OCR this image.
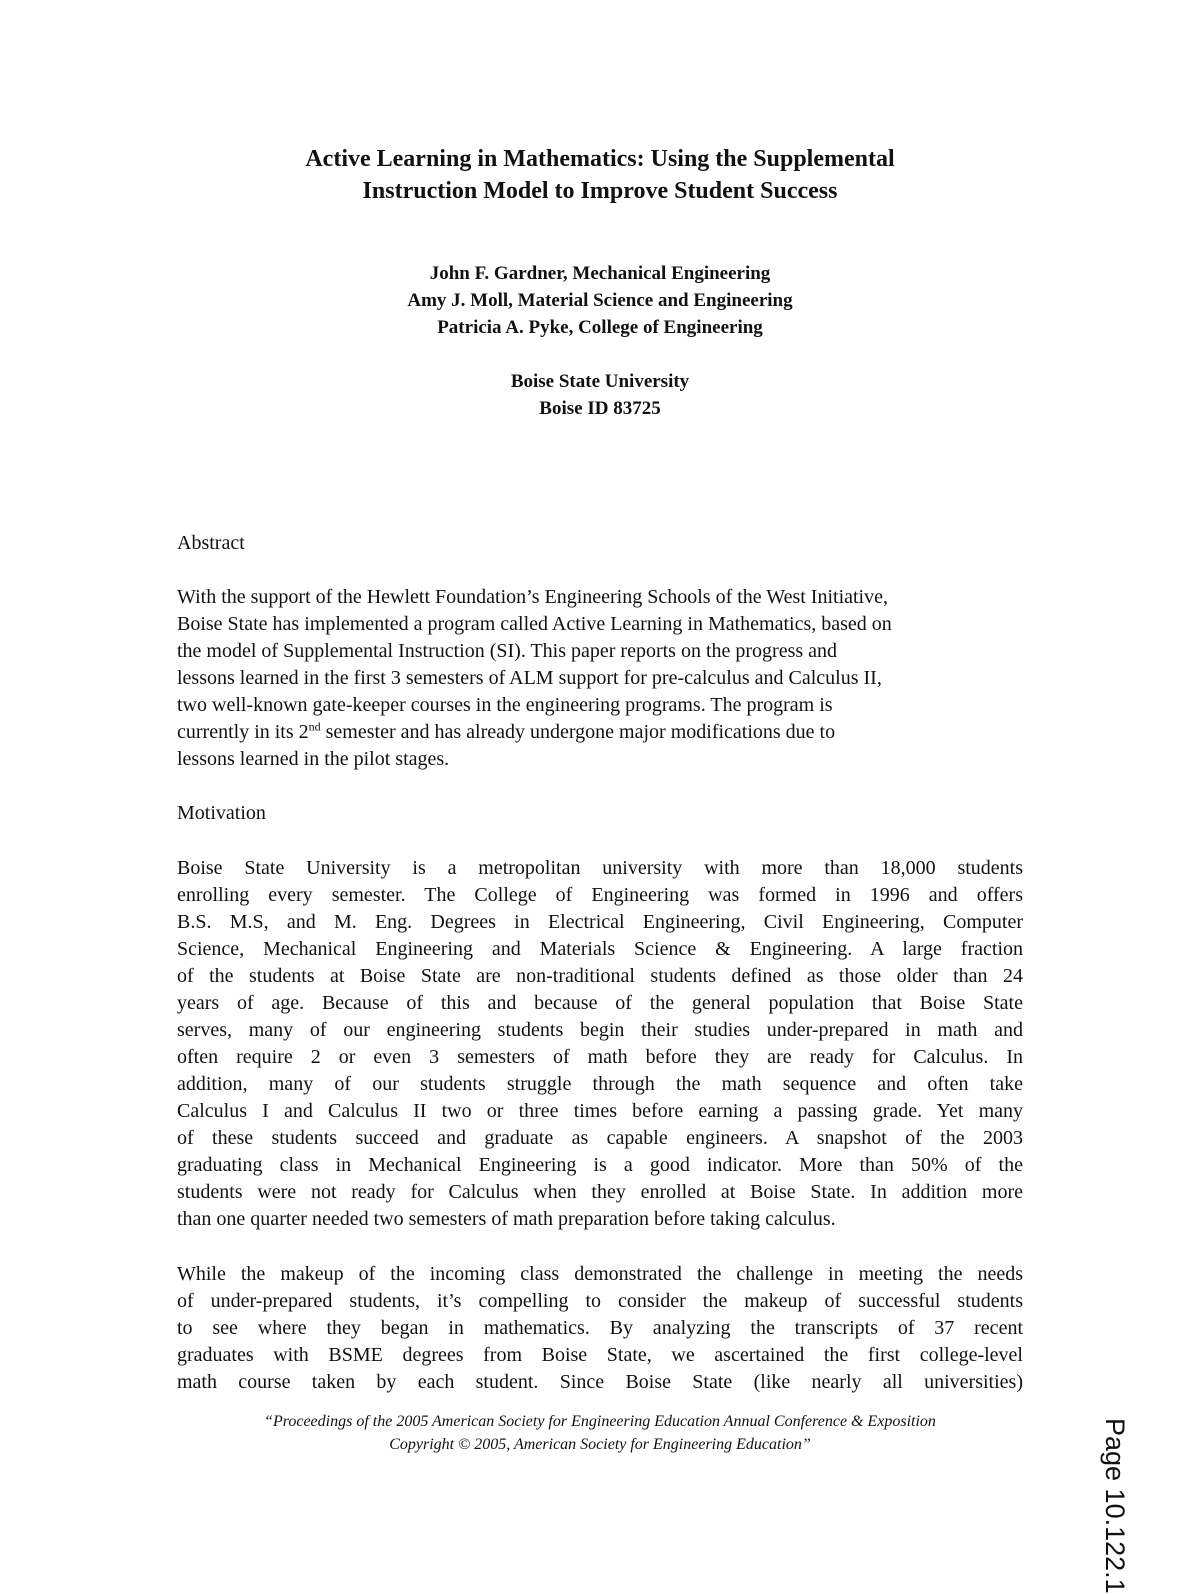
Active Learning in Mathematics: Using the Supplemental
Instruction Model to Improve Student Success
John F. Gardner, Mechanical Engineering
Amy J. Moll, Material Science and Engineering
Patricia A. Pyke, College of Engineering
Boise State University
Boise ID 83725
Abstract
With the support of the Hewlett Foundation’s Engineering Schools of the West Initiative,
Boise State has implemented a program called Active Learning in Mathematics, based on
the model of Supplemental Instruction (SI). This paper reports on the progress and
lessons learned in the first 3 semesters of ALM support for pre-calculus and Calculus II,
two well-known gate-keeper courses in the engineering programs. The program is
currently in its 2nd semester and has already undergone major modifications due to
lessons learned in the pilot stages.
Motivation
Boise State University is a metropolitan university with more than 18,000 students
enrolling every semester. The College of Engineering was formed in 1996 and offers
B.S. M.S, and M. Eng. Degrees in Electrical Engineering, Civil Engineering, Computer
Science, Mechanical Engineering and Materials Science & Engineering. A large fraction
of the students at Boise State are non-traditional students defined as those older than 24
years of age. Because of this and because of the general population that Boise State
serves, many of our engineering students begin their studies under-prepared in math and
often require 2 or even 3 semesters of math before they are ready for Calculus. In
addition, many of our students struggle through the math sequence and often take
Calculus I and Calculus II two or three times before earning a passing grade. Yet many
of these students succeed and graduate as capable engineers. A snapshot of the 2003
graduating class in Mechanical Engineering is a good indicator. More than 50% of the
students were not ready for Calculus when they enrolled at Boise State. In addition more
than one quarter needed two semesters of math preparation before taking calculus.
While the makeup of the incoming class demonstrated the challenge in meeting the needs
of under-prepared students, it’s compelling to consider the makeup of successful students
to see where they began in mathematics. By analyzing the transcripts of 37 recent
graduates with BSME degrees from Boise State, we ascertained the first college-level
math course taken by each student. Since Boise State (like nearly all universities)
“Proceedings of the 2005 American Society for Engineering Education Annual Conference & Exposition
Copyright © 2005, American Society for Engineering Education”	Page 10.122.1
